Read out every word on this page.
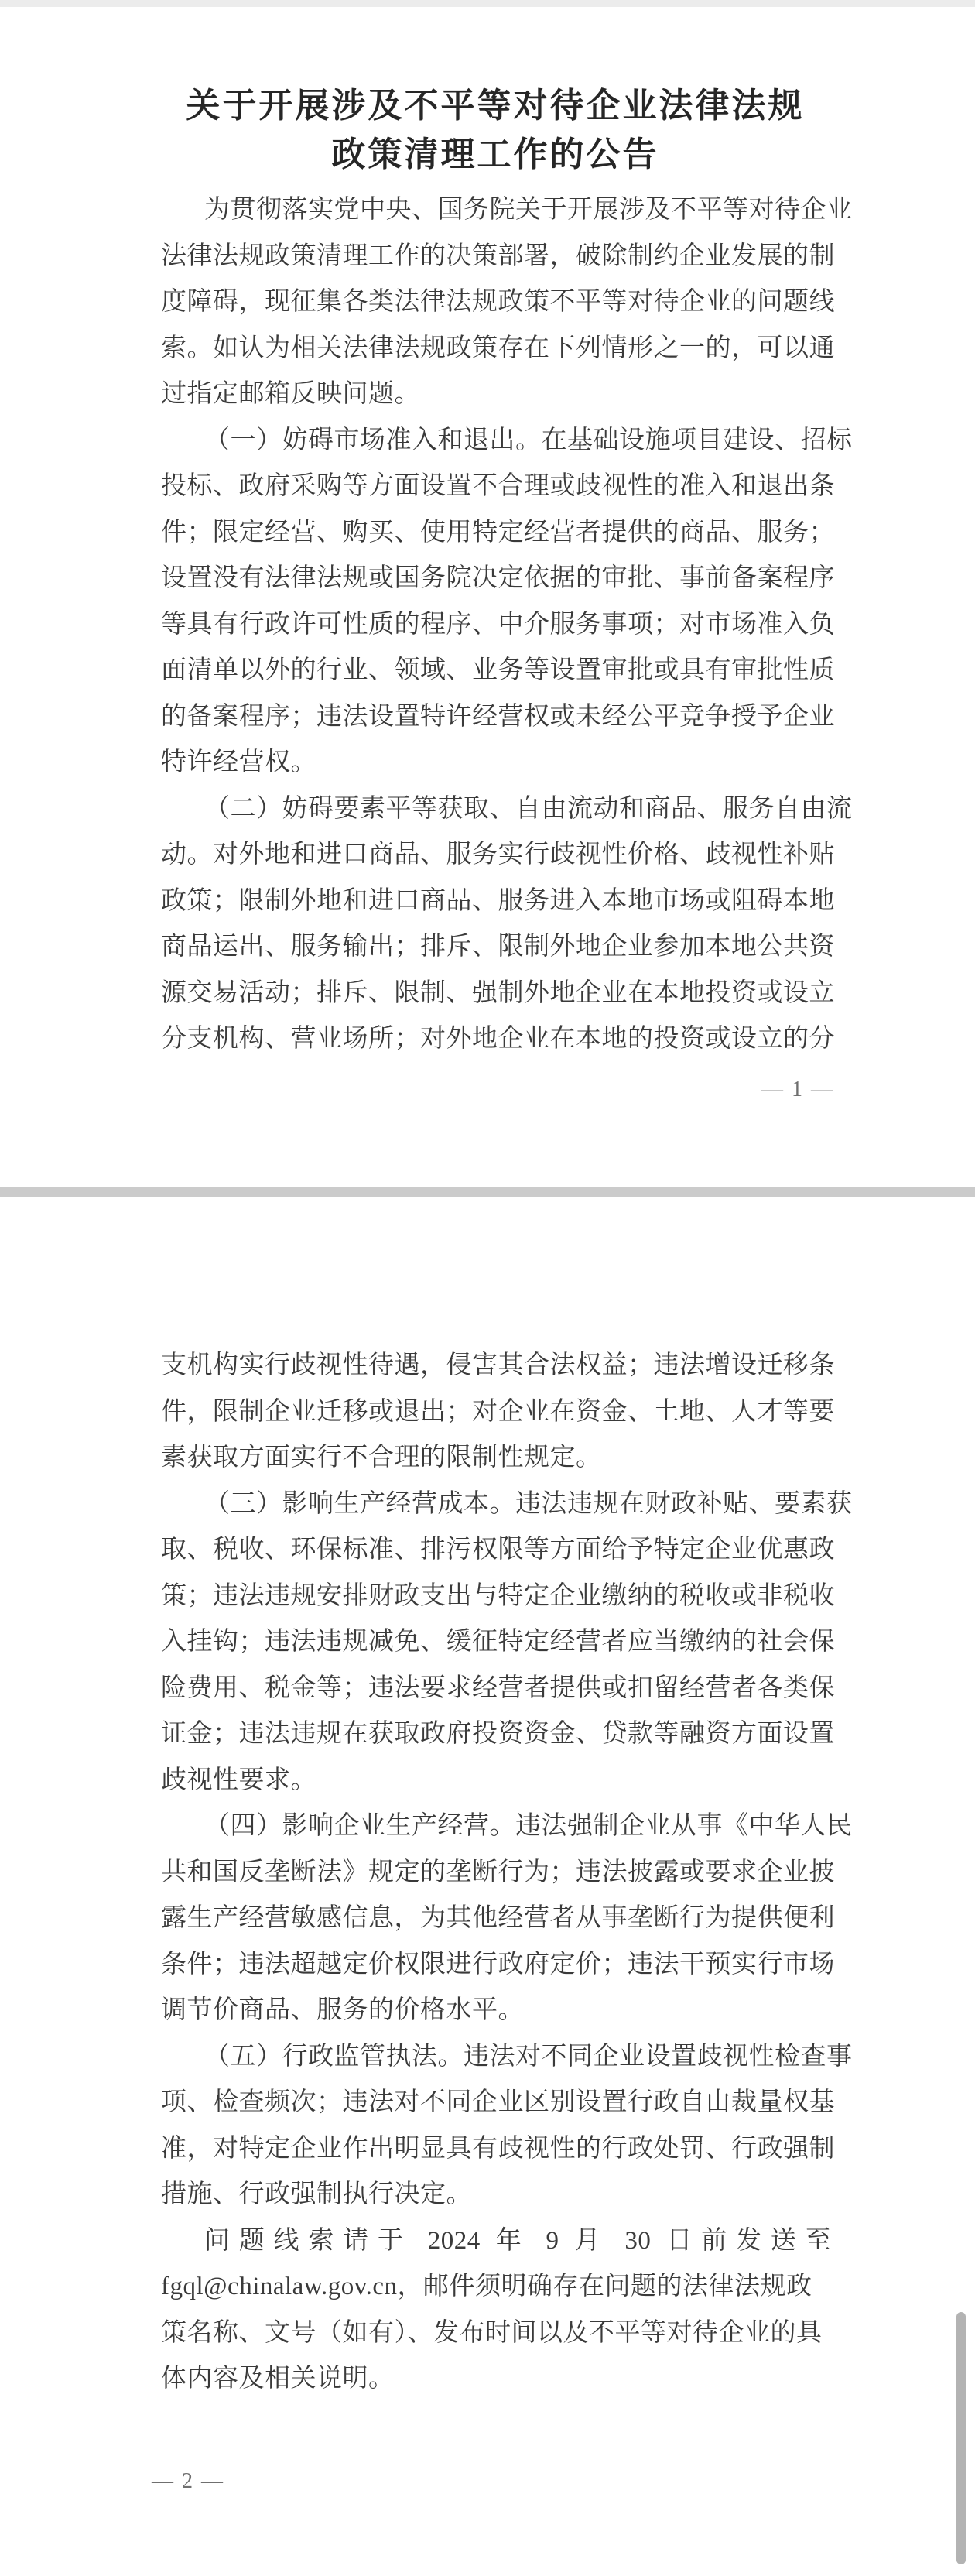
关于开展涉及不平等对待企业法律法规
政策清理工作的公告
为贯彻落实党中央、国务院关于开展涉及不平等对待企业
法律法规政策清理工作的决策部署，破除制约企业发展的制
度障碍，现征集各类法律法规政策不平等对待企业的问题线
索。如认为相关法律法规政策存在下列情形之一的，可以通
过指定邮箱反映问题。
（一）妨碍市场准入和退出。在基础设施项目建设、招标
投标、政府采购等方面设置不合理或歧视性的准入和退出条
件；限定经营、购买、使用特定经营者提供的商品、服务；
设置没有法律法规或国务院决定依据的审批、事前备案程序
等具有行政许可性质的程序、中介服务事项；对市场准入负
面清单以外的行业、领域、业务等设置审批或具有审批性质
的备案程序；违法设置特许经营权或未经公平竞争授予企业
特许经营权。
（二）妨碍要素平等获取、自由流动和商品、服务自由流
动。对外地和进口商品、服务实行歧视性价格、歧视性补贴
政策；限制外地和进口商品、服务进入本地市场或阻碍本地
商品运出、服务输出；排斥、限制外地企业参加本地公共资
源交易活动；排斥、限制、强制外地企业在本地投资或设立
分支机构、营业场所；对外地企业在本地的投资或设立的分
— 1 —
支机构实行歧视性待遇，侵害其合法权益；违法增设迁移条
件，限制企业迁移或退出；对企业在资金、土地、人才等要
素获取方面实行不合理的限制性规定。
（三）影响生产经营成本。违法违规在财政补贴、要素获
取、税收、环保标准、排污权限等方面给予特定企业优惠政
策；违法违规安排财政支出与特定企业缴纳的税收或非税收
入挂钩；违法违规减免、缓征特定经营者应当缴纳的社会保
险费用、税金等；违法要求经营者提供或扣留经营者各类保
证金；违法违规在获取政府投资资金、贷款等融资方面设置
歧视性要求。
（四）影响企业生产经营。违法强制企业从事《中华人民
共和国反垄断法》规定的垄断行为；违法披露或要求企业披
露生产经营敏感信息，为其他经营者从事垄断行为提供便利
条件；违法超越定价权限进行政府定价；违法干预实行市场
调节价商品、服务的价格水平。
（五）行政监管执法。违法对不同企业设置歧视性检查事
项、检查频次；违法对不同企业区别设置行政自由裁量权基
准，对特定企业作出明显具有歧视性的行政处罚、行政强制
措施、行政强制执行决定。
问题线索请于 2024 年 9 月 30 日前发送至
fgql@chinalaw.gov.cn，邮件须明确存在问题的法律法规政
策名称、文号（如有）、发布时间以及不平等对待企业的具
体内容及相关说明。
— 2 —
